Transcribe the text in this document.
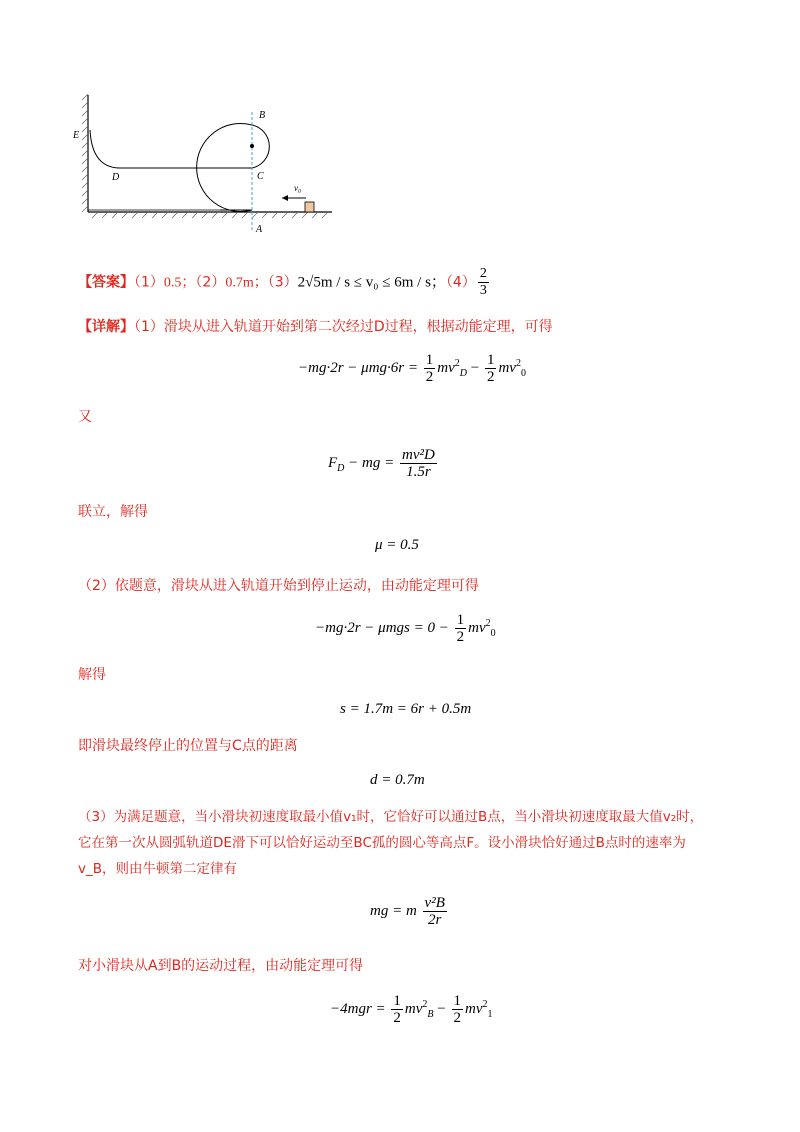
B
E
D	C
A
v₀
【答案】（1）0.5；（2）0.7m；（3）2√5m / s ≤ v₀ ≤ 6m / s；$(4) \frac{2}{3}$
【详解】（1）滑块从进入轨道开始到第二次经过D过程，根据动能定理，可得
$-mg\cdot 2r - \mu mg\cdot 6r = \frac{1}{2} mv^2_D - \frac{1}{2} mv^2_0$
又
$F_D$ − mg = $\frac{\text{mv²D}}{1.5r}$
联立，解得
μ = 0.5
（2）依题意，滑块从进入轨道开始到停止运动，由动能定理可得
$-mg\cdot 2r - \mu mgs = 0 - \frac{1}{2} mv^2_0$
解得
s = 1.7m = 6r + 0.5m
即滑块最终停止的位置与C点的距离
d = 0.7m
（3）为满足题意，当小滑块初速度取最小值v₁时，它恰好可以通过B点，当小滑块初速度取最大值v₂时，
它在第一次从圆弧轨道DE滑下可以恰好运动至BC孤的圆心等高点F。设小滑块恰好通过B点时的速率为
v_B，则由牛顿第二定律有
mg = m $\frac{\text{v²B}}{2r}$
对小滑块从A到B的运动过程，由动能定理可得
$-4mgr = \frac{1}{2} mv^2_B - \frac{1}{2} mv^2_1$
